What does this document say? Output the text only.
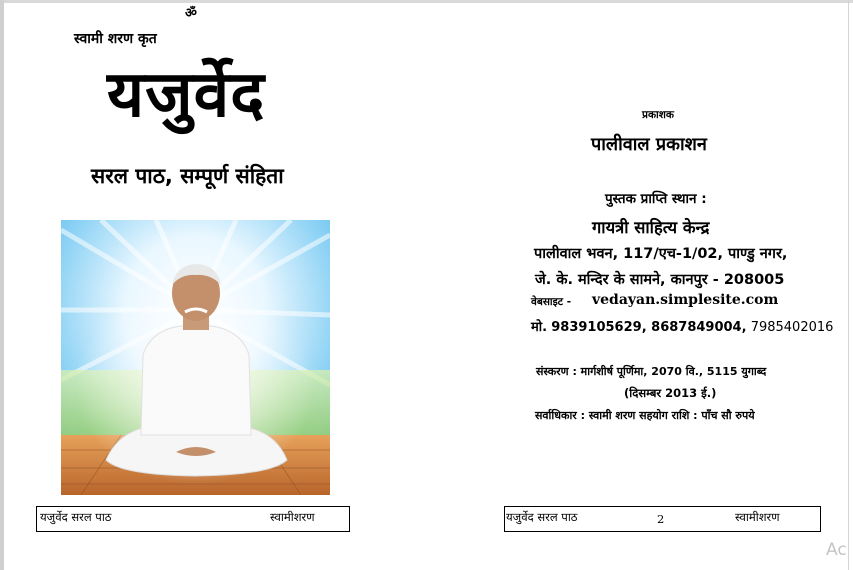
ॐ
स्वामी शरण कृत
यजुर्वेद
सरल पाठ, सम्पूर्ण संहिता
यजुर्वेद सरल पाठ	स्वामीशरण
प्रकाशक
पालीवाल प्रकाशन
पुस्तक प्राप्ति स्थान :
गायत्री साहित्य केन्द्र
पालीवाल भवन, 117/एच-1/02, पाण्डु नगर,
जे. के. मन्दिर के सामने, कानपुर - 208005
वेबसाइट - vedayan.simplesite.com
मो. 9839105629, 8687849004, 7985402016
संस्करण : मार्गशीर्ष पूर्णिमा, 2070 वि., 5115 युगाब्द
(दिसम्बर 2013 ई.)
सर्वाधिकार : स्वामी शरण सहयोग राशि : पाँच सौ रुपये
यजुर्वेद सरल पाठ	2	स्वामीशरण
Ac
